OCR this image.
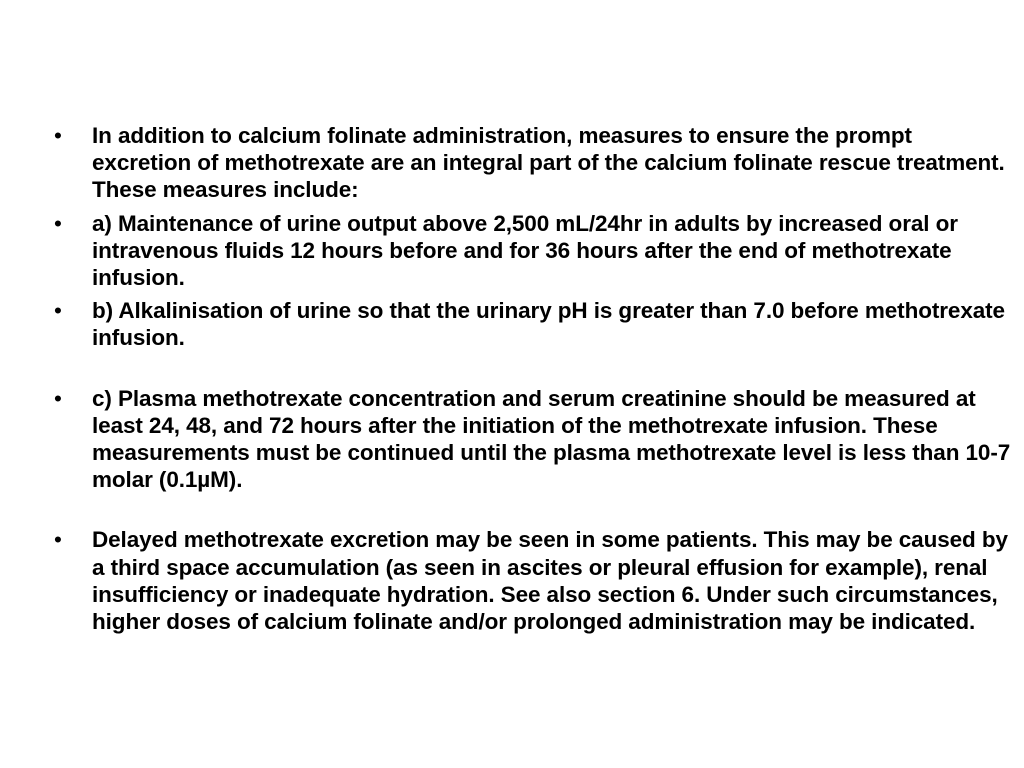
• In addition to calcium folinate administration, measures to ensure the prompt excretion of methotrexate are an integral part of the calcium folinate rescue treatment. These measures include:
• a) Maintenance of urine output above 2,500 mL/24hr in adults by increased oral or intravenous fluids 12 hours before and for 36 hours after the end of methotrexate infusion.
• b) Alkalinisation of urine so that the urinary pH is greater than 7.0 before methotrexate infusion.
• c) Plasma methotrexate concentration and serum creatinine should be measured at least 24, 48, and 72 hours after the initiation of the methotrexate infusion. These measurements must be continued until the plasma methotrexate level is less than 10-7 molar (0.1µM).
• Delayed methotrexate excretion may be seen in some patients. This may be caused by a third space accumulation (as seen in ascites or pleural effusion for example), renal insufficiency or inadequate hydration. See also section 6. Under such circumstances, higher doses of calcium folinate and/or prolonged administration may be indicated.
